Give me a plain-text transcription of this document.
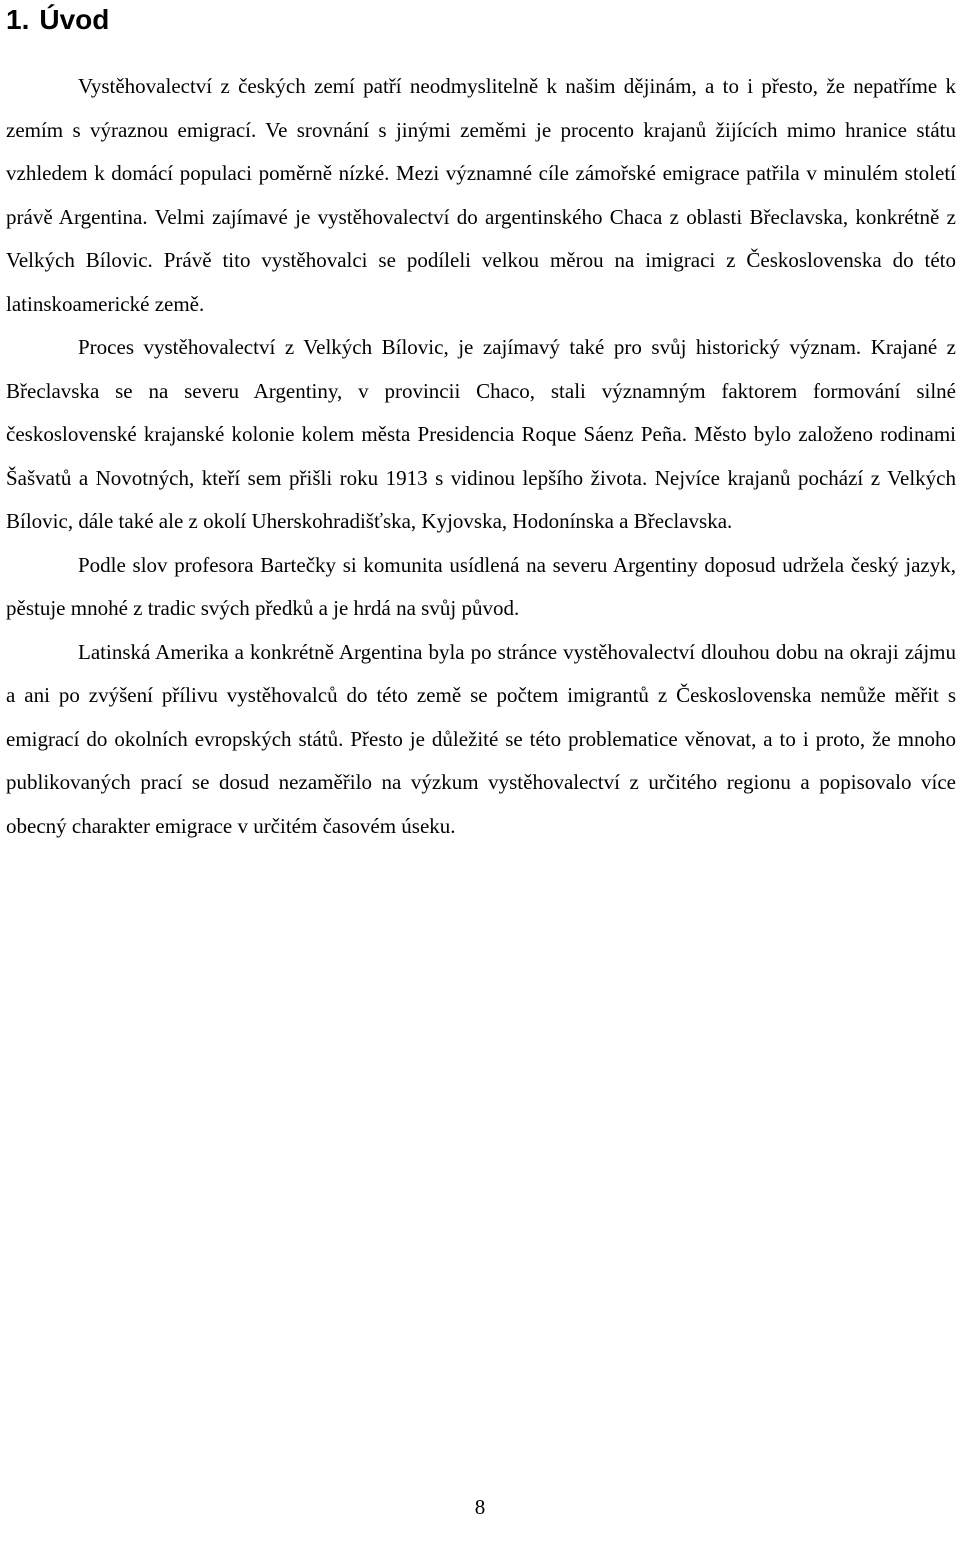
1. Úvod

Vystěhovalectví z českých zemí patří neodmyslitelně k našim dějinám, a to i přesto, že nepatříme k zemím s výraznou emigrací. Ve srovnání s jinými zeměmi je procento krajanů žijících mimo hranice státu vzhledem k domácí populaci poměrně nízké. Mezi významné cíle zámořské emigrace patřila v minulém století právě Argentina. Velmi zajímavé je vystěhovalectví do argentinského Chaca z oblasti Břeclavska, konkrétně z Velkých Bílovic. Právě tito vystěhovalci se podíleli velkou měrou na imigraci z Československa do této latinskoamerické země.

Proces vystěhovalectví z Velkých Bílovic, je zajímavý také pro svůj historický význam. Krajané z Břeclavska se na severu Argentiny, v provincii Chaco, stali významným faktorem formování silné československé krajanské kolonie kolem města Presidencia Roque Sáenz Peña. Město bylo založeno rodinami Šašvatů a Novotných, kteří sem přišli roku 1913 s vidinou lepšího života. Nejvíce krajanů pochází z Velkých Bílovic, dále také ale z okolí Uherskohradišťska, Kyjovska, Hodonínska a Břeclavska.

Podle slov profesora Bartečky si komunita usídlená na severu Argentiny doposud udržela český jazyk, pěstuje mnohé z tradic svých předků a je hrdá na svůj původ.

Latinská Amerika a konkrétně Argentina byla po stránce vystěhovalectví dlouhou dobu na okraji zájmu a ani po zvýšení přílivu vystěhovalců do této země se počtem imigrantů z Československa nemůže měřit s emigrací do okolních evropských států. Přesto je důležité se této problematice věnovat, a to i proto, že mnoho publikovaných prací se dosud nezaměřilo na výzkum vystěhovalectví z určitého regionu a popisovalo více obecný charakter emigrace v určitém časovém úseku.

8
